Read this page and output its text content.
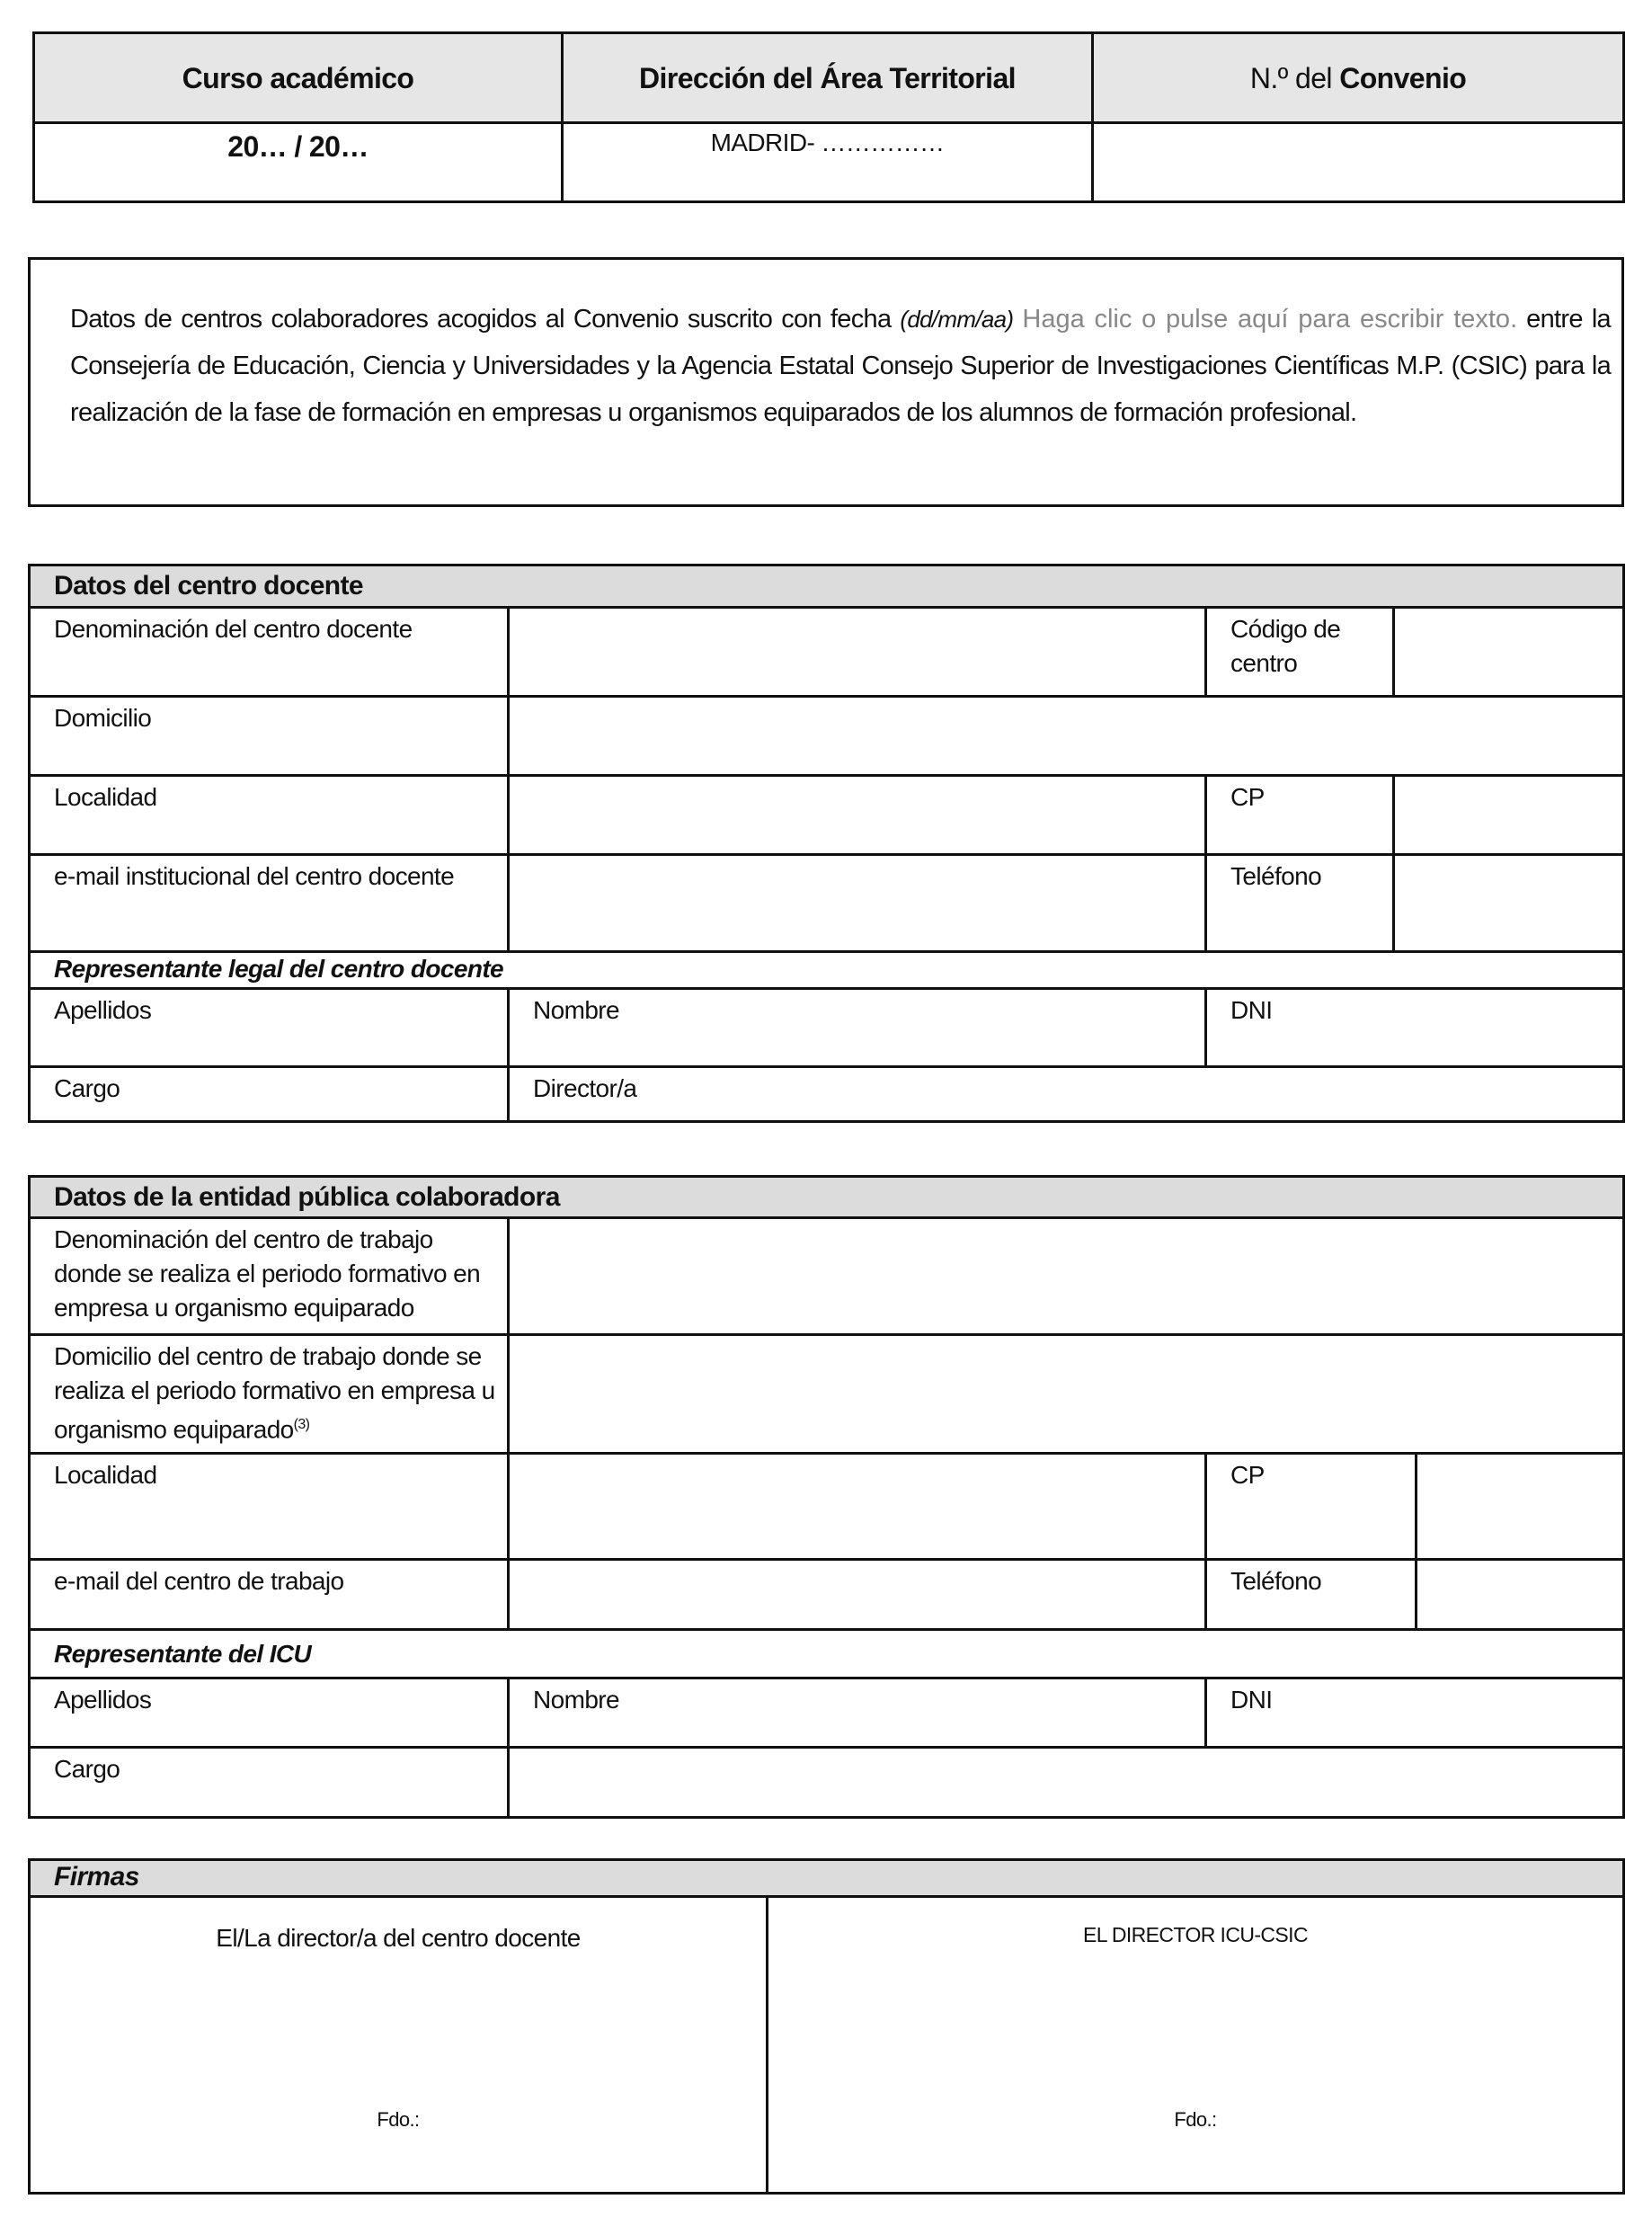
Curso académico	Dirección del Área Territorial	N.º del Convenio
20… / 20…	MADRID- ……………	

Datos de centros colaboradores acogidos al Convenio suscrito con fecha (dd/mm/aa) Haga clic o pulse aquí para escribir texto. entre la Consejería de Educación, Ciencia y Universidades y la Agencia Estatal Consejo Superior de Investigaciones Científicas M.P. (CSIC) para la realización de la fase de formación en empresas u organismos equiparados de los alumnos de formación profesional.

Datos del centro docente			
Denominación del centro docente		Código de centro	
Domicilio			
Localidad		CP	
e-mail institucional del centro docente		Teléfono	
Representante legal del centro docente			
Apellidos	Nombre	DNI	
Cargo	Director/a		
Datos de la entidad pública colaboradora			
Denominación del centro de trabajo donde se realiza el periodo formativo en empresa u organismo equiparado			
Domicilio del centro de trabajo donde se realiza el periodo formativo en empresa u organismo equiparado$^{(3)}$	
Localidad		CP	
e-mail del centro de trabajo		Teléfono	
Representante del ICU			
Apellidos	Nombre	DNI	
Cargo			
Firmas

El/La director/a del centro docente
Fdo.:

EL DIRECTOR ICU-CSIC
Fdo.:
